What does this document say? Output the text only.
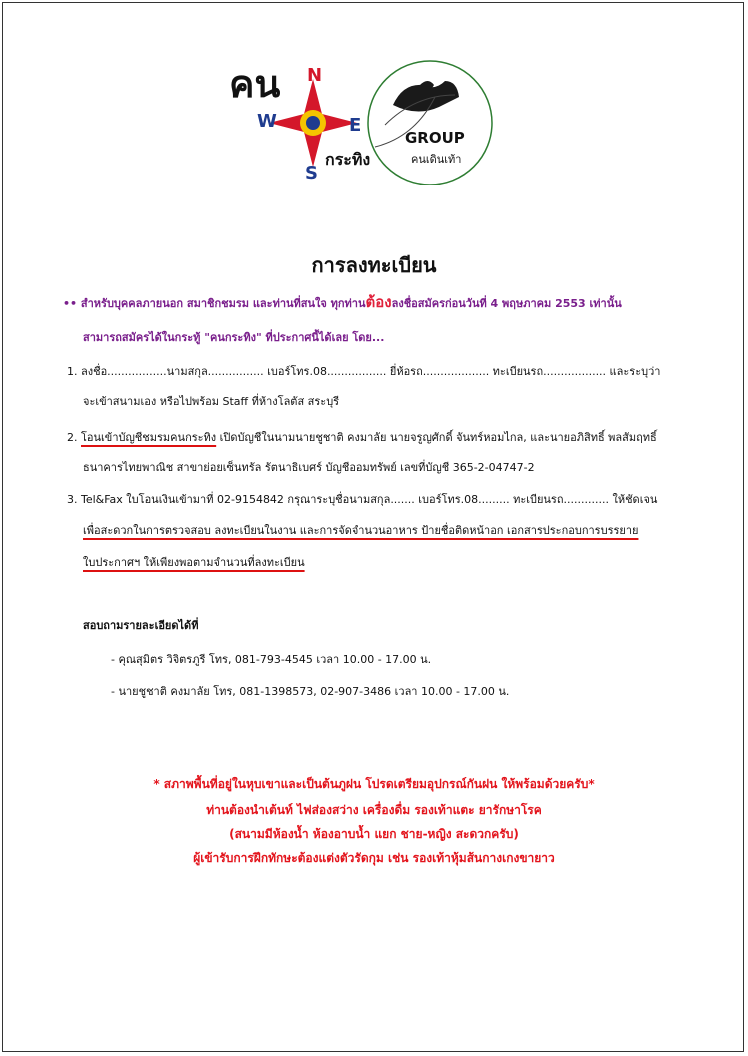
คน N
W	E
S
กระทิง
GROUP
คนเดินเท้า
การลงทะเบียน
•• สำหรับบุคคลภายนอก สมาชิกชมรม และท่านที่สนใจ ทุกท่านต้องลงชื่อสมัครก่อนวันที่ 4 พฤษภาคม 2553 เท่านั้น
สามารถสมัครได้ในกระทู้ "คนกระทิง" ที่ประกาศนี้ได้เลย โดย...
1. ลงชื่อ.................นามสกุล................ เบอร์โทร.08................. ยี่ห้อรถ................... ทะเบียนรถ.................. และระบุว่า
จะเข้าสนามเอง หรือไปพร้อม Staff ที่ห้างโลตัส สระบุรี
2. โอนเข้าบัญชีชมรมคนกระทิง เปิดบัญชีในนามนายชูชาติ คงมาลัย นายจรูญศักดิ์ จันทร์หอมไกล, และนายอภิสิทธิ์ พลสัมฤทธิ์
ธนาคารไทยพาณิช สาขาย่อยเซ็นทรัล รัตนาธิเบศร์ บัญชีออมทรัพย์ เลขที่บัญชี 365-2-04747-2
3. Tel&Fax ใบโอนเงินเข้ามาที่ 02-9154842 กรุณาระบุชื่อนามสกุล....... เบอร์โทร.08......... ทะเบียนรถ............. ให้ชัดเจน
เพื่อสะดวกในการตรวจสอบ ลงทะเบียนในงาน และการจัดจำนวนอาหาร ป้ายชื่อติดหน้าอก เอกสารประกอบการบรรยาย
ใบประกาศฯ ให้เพียงพอตามจำนวนที่ลงทะเบียน
สอบถามรายละเอียดได้ที่
- คุณสุมิตร วิจิตรภูรี โทร, 081-793-4545 เวลา 10.00 - 17.00 น.
- นายชูชาติ คงมาลัย โทร, 081-1398573, 02-907-3486 เวลา 10.00 - 17.00 น.
* สภาพพื้นที่อยู่ในหุบเขาและเป็นต้นภูฝน โปรดเตรียมอุปกรณ์กันฝน ให้พร้อมด้วยครับ*
ท่านต้องนำเต้นท์ ไฟส่องสว่าง เครื่องดื่ม รองเท้าแตะ ยารักษาโรค
(สนามมีห้องน้ำ ห้องอาบน้ำ แยก ชาย-หญิง สะดวกครับ)
ผู้เข้ารับการฝึกทักษะต้องแต่งตัวรัดกุม เช่น รองเท้าหุ้มส้นกางเกงขายาว
